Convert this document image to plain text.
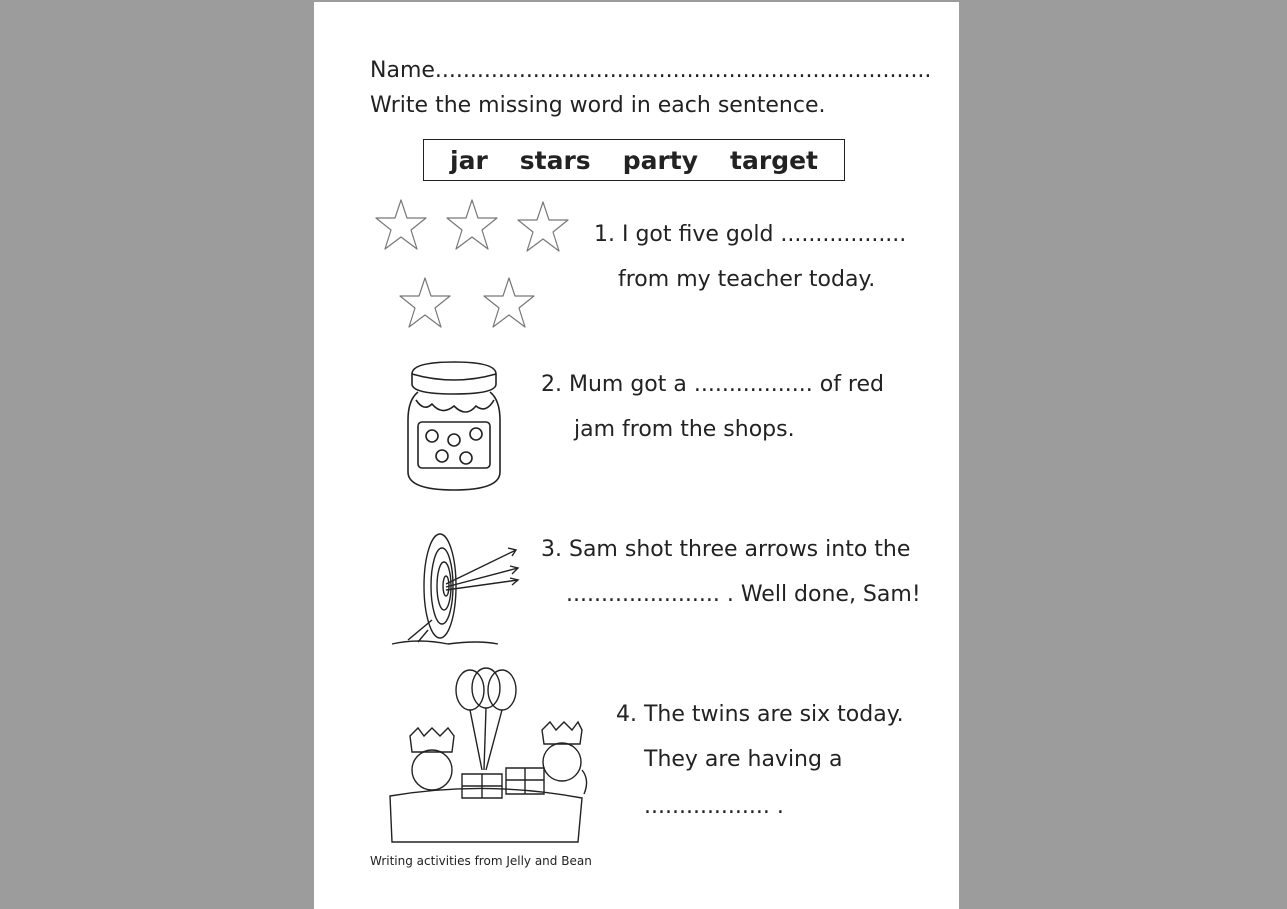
Name.......................................................................
Write the missing word in each sentence.
jar stars party target
1. I got five gold ..................
from my teacher today.
2. Mum got a ................. of red
jam from the shops.
3. Sam shot three arrows into the
...................... . Well done, Sam!
4. The twins are six today.
They are having a
.................. .
Writing activities from Jelly and Bean
